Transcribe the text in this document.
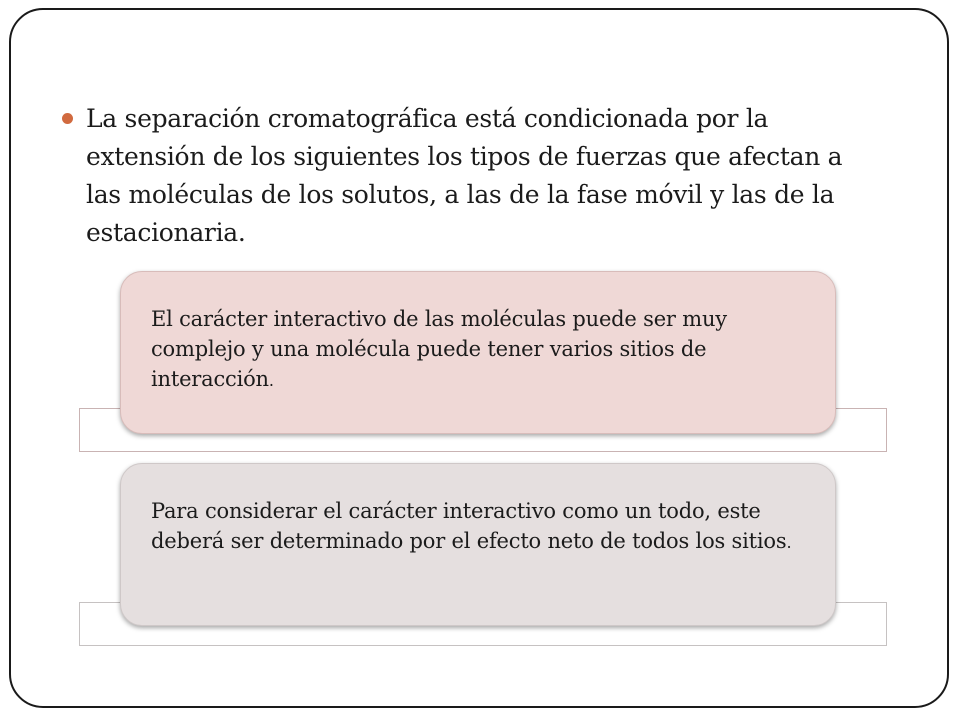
La separación cromatográfica está condicionada por la extensión de los siguientes los tipos de fuerzas que afectan a las moléculas de los solutos, a las de la fase móvil y las de la estacionaria.

El carácter interactivo de las moléculas puede ser muy complejo y una molécula puede tener varios sitios de interacción.

Para considerar el carácter interactivo como un todo, este deberá ser determinado por el efecto neto de todos los sitios.
